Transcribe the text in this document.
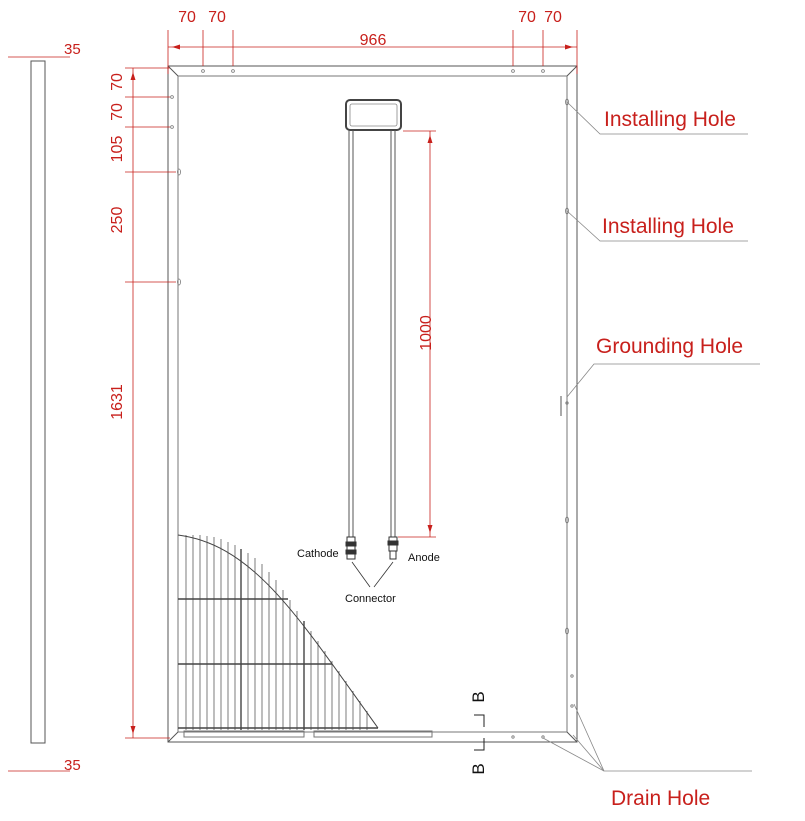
35
35
Cathode	Anode
Connector
966
70 70	70 70
70
70
105
250
1631
1000
B
B
Installing Hole
Installing Hole
Grounding Hole
Drain Hole
